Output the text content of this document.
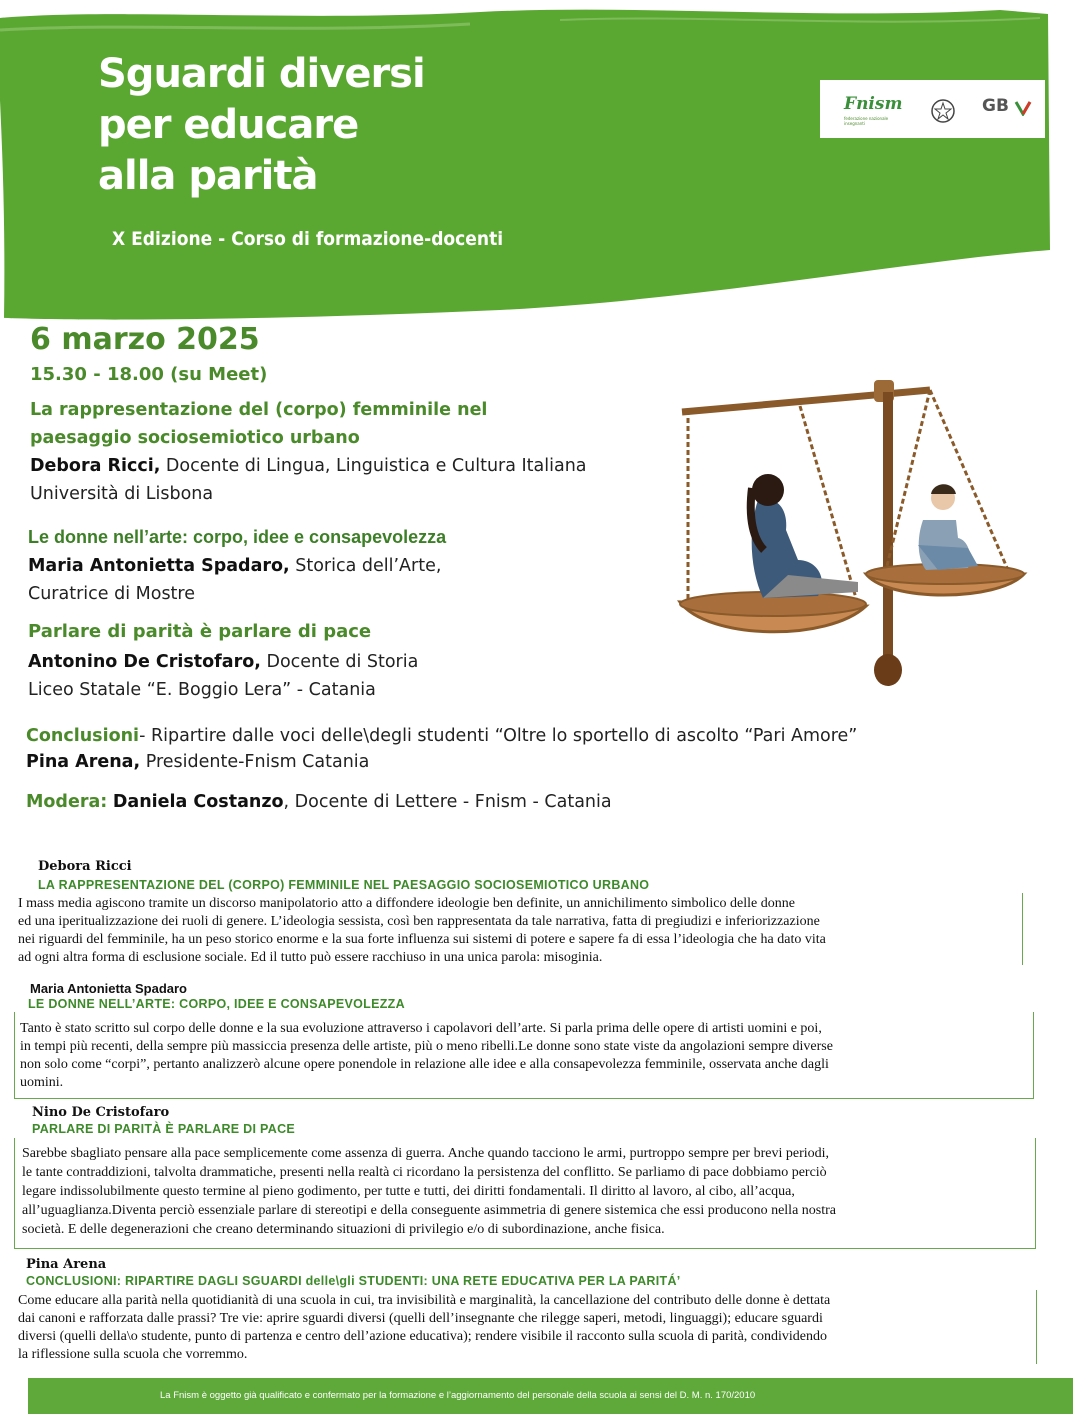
Sguardi diversi
per educare
alla parità
X Edizione - Corso di formazione-docenti
Fnism
federazione nazionale insegnanti
GB
6 marzo 2025
15.30 - 18.00 (su Meet)
La rappresentazione del (corpo) femminile nel
paesaggio sociosemiotico urbano
Debora Ricci, Docente di Lingua, Linguistica e Cultura Italiana
Università di Lisbona
Le donne nell’arte: corpo, idee e consapevolezza
Maria Antonietta Spadaro, Storica dell’Arte,
Curatrice di Mostre
Parlare di parità è parlare di pace
Antonino De Cristofaro, Docente di Storia
Liceo Statale “E. Boggio Lera” - Catania
Conclusioni- Ripartire dalle voci delle\degli studenti “Oltre lo sportello di ascolto “Pari Amore”
Pina Arena, Presidente-Fnism Catania
Modera: Daniela Costanzo, Docente di Lettere - Fnism - Catania
Debora Ricci
LA RAPPRESENTAZIONE DEL (CORPO) FEMMINILE NEL PAESAGGIO SOCIOSEMIOTICO URBANO
I mass media agiscono tramite un discorso manipolatorio atto a diffondere ideologie ben definite, un annichilimento simbolico delle donne
ed una iperitualizzazione dei ruoli di genere. L’ideologia sessista, così ben rappresentata da tale narrativa, fatta di pregiudizi e inferiorizzazione
nei riguardi del femminile, ha un peso storico enorme e la sua forte influenza sui sistemi di potere e sapere fa di essa l’ideologia che ha dato vita
ad ogni altra forma di esclusione sociale. Ed il tutto può essere racchiuso in una unica parola: misoginia.
Maria Antonietta Spadaro
LE DONNE NELL’ARTE: CORPO, IDEE E CONSAPEVOLEZZA
Tanto è stato scritto sul corpo delle donne e la sua evoluzione attraverso i capolavori dell’arte. Si parla prima delle opere di artisti uomini e poi,
in tempi più recenti, della sempre più massiccia presenza delle artiste, più o meno ribelli.Le donne sono state viste da angolazioni sempre diverse
non solo come “corpi”, pertanto analizzerò alcune opere ponendole in relazione alle idee e alla consapevolezza femminile, osservata anche dagli
uomini.
Nino De Cristofaro
PARLARE DI PARITÀ È PARLARE DI PACE
Sarebbe sbagliato pensare alla pace semplicemente come assenza di guerra. Anche quando tacciono le armi, purtroppo sempre per brevi periodi,
le tante contraddizioni, talvolta drammatiche, presenti nella realtà ci ricordano la persistenza del conflitto. Se parliamo di pace dobbiamo perciò
legare indissolubilmente questo termine al pieno godimento, per tutte e tutti, dei diritti fondamentali. Il diritto al lavoro, al cibo, all’acqua,
all’uguaglianza.Diventa perciò essenziale parlare di stereotipi e della conseguente asimmetria di genere sistemica che essi producono nella nostra
società. E delle degenerazioni che creano determinando situazioni di privilegio e/o di subordinazione, anche fisica.
Pina Arena
CONCLUSIONI: RIPARTIRE DAGLI SGUARDI delle\gli STUDENTI: UNA RETE EDUCATIVA PER LA PARITÁ’
Come educare alla parità nella quotidianità di una scuola in cui, tra invisibilità e marginalità, la cancellazione del contributo delle donne è dettata
dai canoni e rafforzata dalle prassi? Tre vie: aprire sguardi diversi (quelli dell’insegnante che rilegge saperi, metodi, linguaggi); educare sguardi
diversi (quelli della\o studente, punto di partenza e centro dell’azione educativa); rendere visibile il racconto sulla scuola di parità, condividendo
la riflessione sulla scuola che vorremmo.
La Fnism è oggetto già qualificato e confermato per la formazione e l’aggiornamento del personale della scuola ai sensi del D. M. n. 170/2010
